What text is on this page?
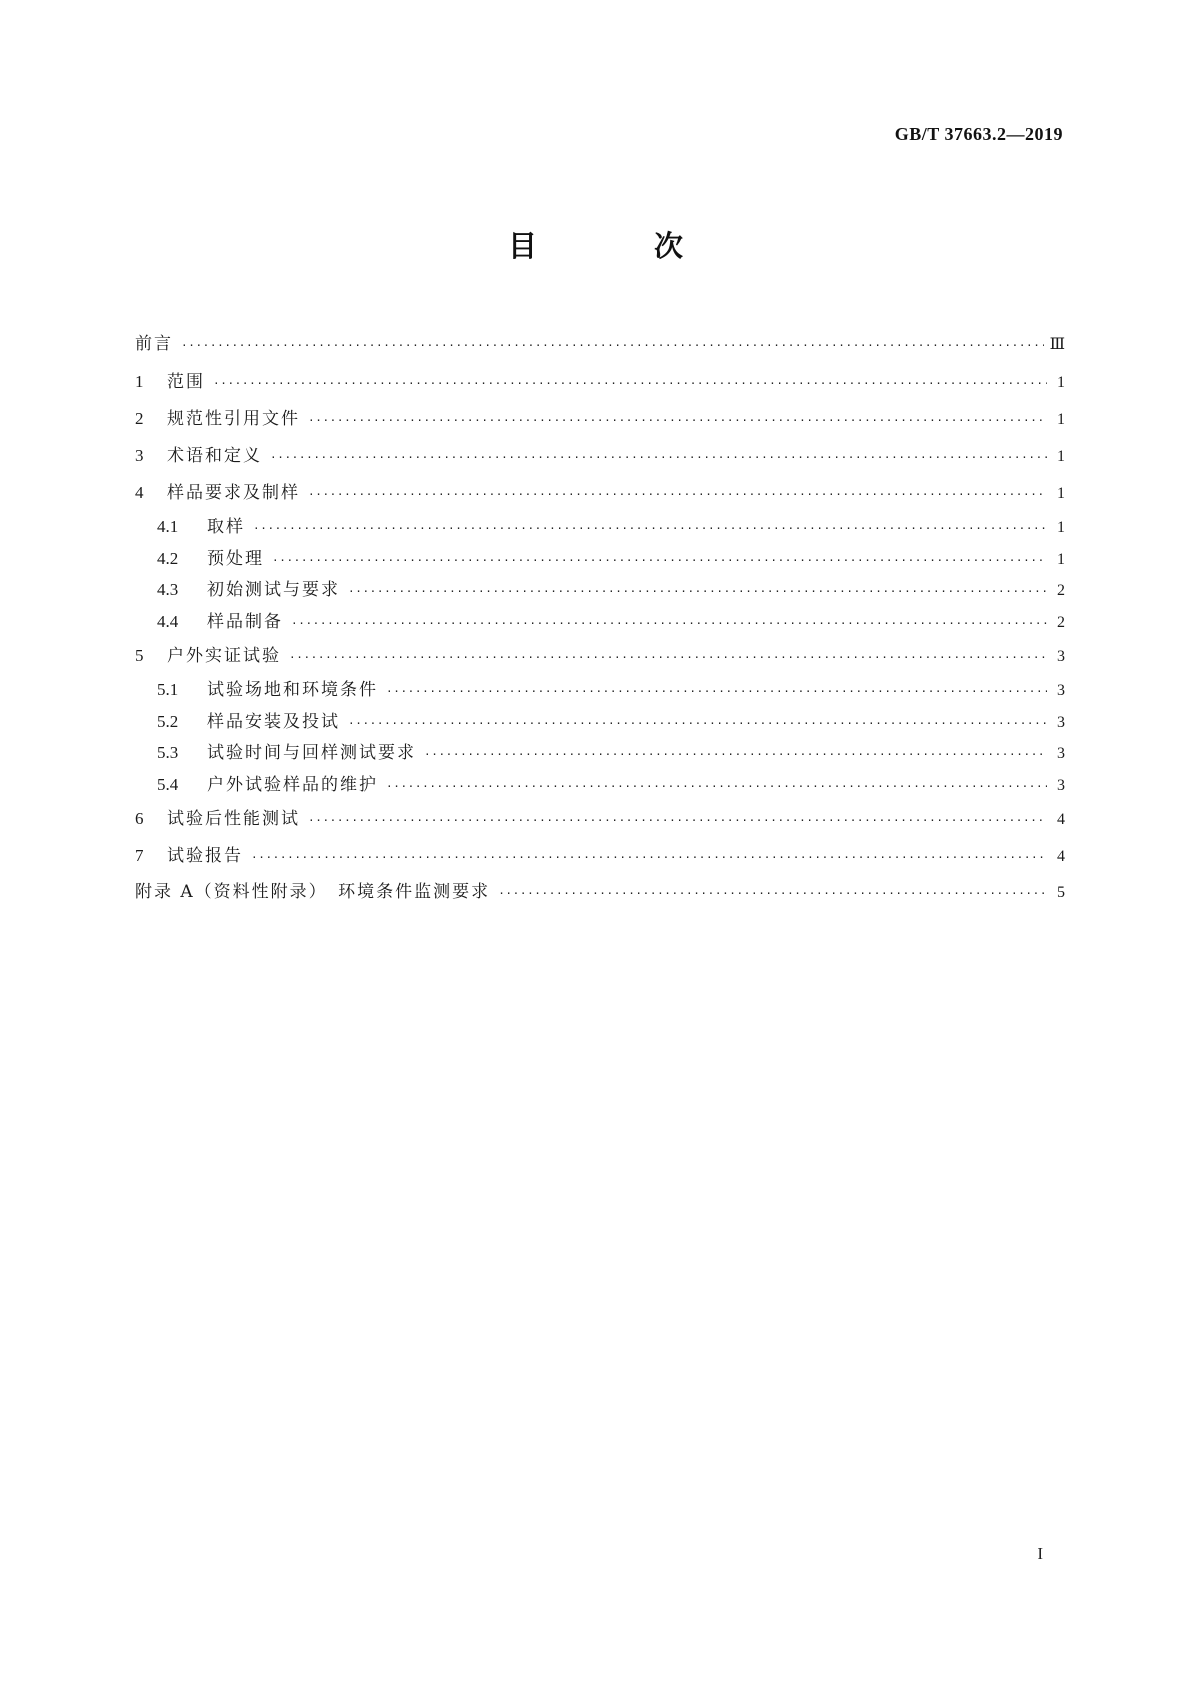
GB/T 37663.2—2019
目　次
前言 ·····	Ⅲ
1	范围 ·····	1
2	规范性引用文件 ·····	1
3	术语和定义 ·····	1
4	样品要求及制样 ·····	1
4.1	取样 ·····	1
4.2	预处理 ·····	1
4.3	初始测试与要求 ·····	2
4.4	样品制备 ·····	2
5	户外实证试验 ·····	3
5.1	试验场地和环境条件 ·····	3
5.2	样品安装及投试 ·····	3
5.3	试验时间与回样测试要求 ·····	3
5.4	户外试验样品的维护 ·····	3
6	试验后性能测试 ·····	4
7	试验报告 ·····	4
附录 A（资料性附录）　环境条件监测要求 ·····	5
I
